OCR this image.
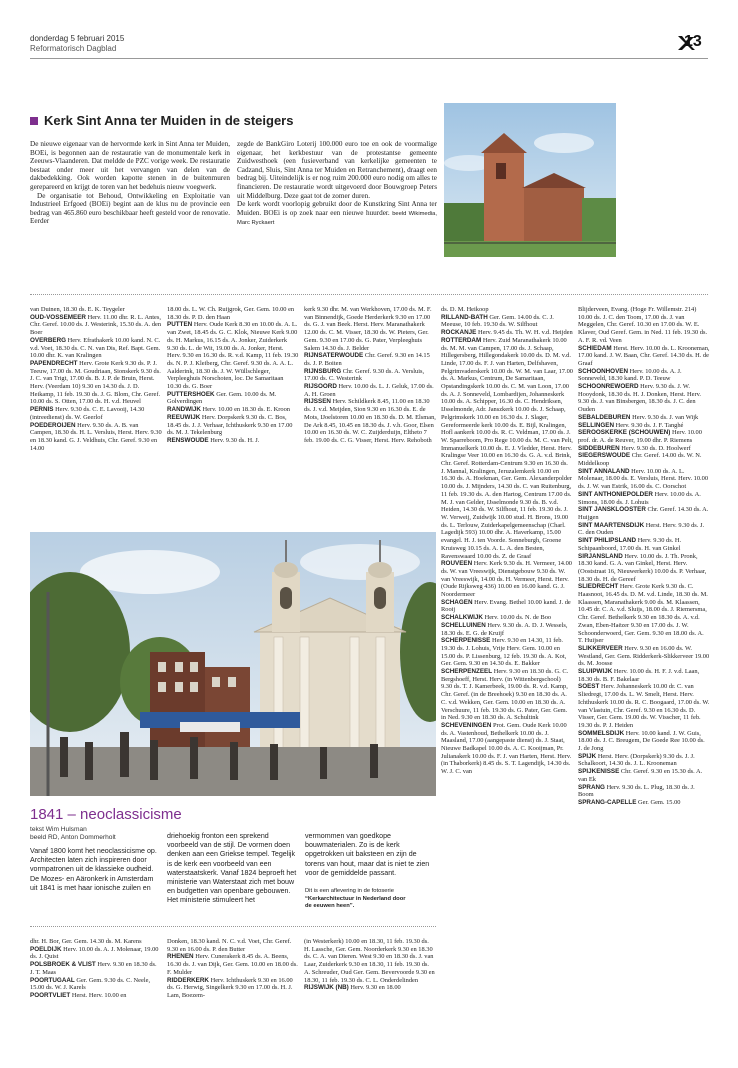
donderdag 5 februari 2015
Reformatorisch Dagblad	13
Kerk Sint Anna ter Muiden in de steigers

De nieuwe eigenaar van de hervormde kerk in Sint Anna ter Muiden, BOEi, is begonnen aan de restauratie van de monumentale kerk in Zeeuws-Vlaanderen. Dat meldde de PZC vorige week. De restauratie bestaat onder meer uit het vervangen van delen van de dakbedekking. Ook worden kapotte stenen in de buitenmuren gerepareerd en krijgt de toren van het bedehuis nieuw voegwerk.

De organisatie tot Behoud, Ontwikkeling en Exploitatie van Industrieel Erfgoed (BOEi) begint aan de klus nu de provincie een bedrag van 465.860 euro beschikbaar heeft gesteld voor de renovatie. Eerder

zegde de BankGiro Loterij 100.000 euro toe en ook de voormalige eigenaar, het kerkbestuur van de protestantse gemeente Zuidwesthoek (een fusieverband van kerkelijke gemeenten te Cadzand, Sluis, Sint Anna ter Muiden en Retranchement), draagt een bedrag bij. Uiteindelijk is er nog ruim 200.000 euro nodig om alles te financieren. De restauratie wordt uitgevoerd door Bouwgroep Peters uit Middelburg. Deze gaat tot de zomer duren.

De kerk wordt voorlopig gebruikt door de Kunstkring Sint Anna ter Muiden. BOEi is op zoek naar een nieuwe huurder. beeld Wikimedia, Marc Ryckaert

van Duinen, 18.30 ds. E. K. Teygeler

OUD-VOSSEMEER Herv. 11.00 dhr. R. L. Antes, Chr. Geref. 10.00 ds. J. Westerink, 15.30 ds. A. den Boer

OVERBERG Herv. Efrathakerk 10.00 kand. N. C. v.d. Voet, 18.30 ds. C. N. van Dis, Ref. Bapt. Gem. 10.00 dhr. K. van Kralingen

PAPENDRECHT Herv. Grote Kerk 9.30 ds. P. J. Teeuw, 17.00 ds. M. Goudriaan, Sionskerk 9.30 ds. J. C. van Trigt, 17.00 ds. B. J. P. de Bruin, Herst. Herv. (Veerdam 10) 9.30 en 14.30 ds. J. D. Heikamp, 11 feb. 19.30 ds. J. G. Blom, Chr. Geref. 10.00 ds. S. Otten, 17.00 ds. H. v.d. Heuvel

PERNIS Herv. 9.30 ds. C. E. Lavooij, 14.30 (intreedienst) ds. W. Geerlof

POEDEROIJEN Herv. 9.30 ds. A. B. van Campen, 18.30 ds. H. L. Versluis, Herst. Herv. 9.30 en 18.30 kand. G. J. Veldhuis, Chr. Geref. 9.30 en 14.00

18.00 ds. L. W. Ch. Ruijgrok, Ger. Gem. 10.00 en 18.30 ds. P. D. den Haan

PUTTEN Herv. Oude Kerk 8.30 en 10.00 ds. A. L. van Zwet, 18.45 ds. G. C. Klok, Nieuwe Kerk 9.00 ds. H. Markus, 16.15 ds. A. Jonker, Zuiderkerk 9.30 ds. L. de Wit, 19.00 ds. A. Jonker, Herst. Herv. 9.30 en 16.30 ds. R. v.d. Kamp, 11 feb. 19.30 ds. N. P. J. Kleiberg, Chr. Geref. 9.30 ds. A. A. L. Aalderink, 18.30 ds. J. W. Wüllschleger, Verpleeghuis Norschoten, loc. De Samaritaan 10.30 ds. G. Boer

PUTTERSHOEK Ger. Gem. 10.00 ds. M. Golverdingen

RANDWIJK Herv. 10.00 en 18.30 ds. E. Kroon

REEUWIJK Herv. Dorpskerk 9.30 ds. C. Bos, 18.45 ds. J. J. Verhaar, Ichthuskerk 9.30 en 17.00 ds. M. J. Tekelenburg

RENSWOUDE Herv. 9.30 ds. H. J.

kerk 9.30 dhr. M. van Werkhoven, 17.00 ds. M. F. van Binnendijk, Goede Herderkerk 9.30 en 17.00 ds. G. J. van Beek. Herst. Herv. Maranathakerk 12.00 ds. C. M. Visser, 18.30 ds. W. Pieters, Ger. Gem. 9.30 en 17.00 ds. G. Pater, Verpleeghuis Salem 14.30 ds. J. Belder

RIJNSATERWOUDE Chr. Geref. 9.30 en 14.15 ds. J. P. Boiten

RIJNSBURG Chr. Geref. 9.30 ds. A. Versluis, 17.00 ds. C. Westerink

RIJSOORD Herv. 10.00 ds. L. J. Geluk, 17.00 ds. A. H. Groen

RIJSSEN Herv. Schildkerk 8.45, 11.00 en 18.30 ds. J. v.d. Meijden, Sion 9.30 en 16.30 ds. E. de Mots, IJoelstoren 10.00 en 18.30 ds. D. M. Elsman, De Ark 8.45, 10.45 en 18.30 ds. J. v.h. Goor, Elsen 10.00 en 16.30 ds. W. C. Zuijderduijn, Eltheto 7 feb. 19.00 ds. C. G. Visser, Herst. Herv. Rehoboth

ds. D. M. Heikoop

RILLAND-BATH Ger. Gem. 14.00 ds. C. J. Meeuse, 10 feb. 19.30 ds. W. Silfhout

ROCKANJE Herv. 9.45 ds. Th. W. H. v.d. Heijden

ROTTERDAM Herv. Zuid Maranathakerk 10.00 ds. M. M. van Campen, 17.00 ds. J. Schaap, Hillegersberg, Hillegondakerk 10.00 ds. D. M. v.d. Linde, 17.00 ds. F. J. van Harten, Delfshaven, Pelgrimvaderskerk 10.00 ds. W. M. van Laar, 17.00 ds. A. Markus, Centrum, De Samaritaan, Opstandingskerk 10.00 ds. C. M. van Loon, 17.00 ds. A. J. Sonneveld, Lombardijen, Johanneskerk 10.00 ds. A. Schipper, 16.30 ds. C. Hendriksen, IJsselmonde, Adr. Janszkerk 10.00 ds. J. Schaap, Pelgrimskerk 10.00 en 16.30 ds. J. Slager, Gereformeerde kerk 10.00 ds. E. Bijl, Kralingen, Hofl aankerk 10.00 ds. R. C. Veldman, 17.00 ds. J. W. Sparreboom, Pro Rege 10.00 ds. M. C. van Pelt, Immanuelkerk 10.00 ds. E. J. Vledder, Herst. Herv. Kralingse Veer 10.00 en 16.30 ds. G. A. v.d. Brink, Chr. Geref. Rotterdam-Centrum 9.30 en 16.30 ds. J. Mannal, Kralingen, Jeruzalemkerk 10.00 en 16.30 ds. A. Hoekman, Ger. Gem. Alexanderpolder 10.00 ds. J. Mijnders, 14.30 ds. C. van Ruitenburg, 11 feb. 19.30 ds. A. den Hartog, Centrum 17.00 ds. M. J. van Gelder, IJsselmonde 9.30 ds. B. v.d. Heiden, 14.30 ds. W. Silfhout, 11 feb. 19.30 ds. J. W. Verweij, Zuidwijk 10.00 stud. H. Brons, 19.00 ds. L. Terlouw, Zuiderkapelgemeenschap (Charl. Lagedijk 593) 10.00 dhr. A. Haverkamp, 15.00 evangel. H. J. ten Voorde. Sonneburgh, Groene Kruisweg 10.15 ds. A. L. A. den Besten, Ravenswaard 10.00 ds. Z. de Graaf

ROUVEEN Herv. Kerk 9.30 ds. H. Vermeer, 14.00 ds. W. van Vreeswijk, Dienstgebouw 9.30 ds. W. van Vreeswijk, 14.00 ds. H. Vermeer, Herst. Herv. (Oude Rijksweg 436) 10.00 en 16.00 kand. G. J. Noordermeer

SCHAGEN Herv. Evang. Bethel 10.00 kand. J. de Rooij

SCHALKWIJK Herv. 10.00 ds. N. de Boo

SCHELLUINEN Herv. 9.30 ds. A. D. J. Wessels, 18.30 ds. E. G. de Kruijf

SCHERPENISSE Herv. 9.30 en 14.30, 11 feb. 19.30 ds. J. Lohuis, Vrije Herv. Gem. 10.00 en 15.00 ds. P. Lissenburg, 12 feb. 19.30 ds. A. Kot, Ger. Gem. 9.30 en 14.30 ds. E. Bakker

SCHERPENZEEL Herv. 9.30 en 18.30 ds. G. C. Bergshoeff, Herst. Herv. (in Wittenbergschool) 9.30 ds. T. J. Kamerbeek, 19.00 ds. R. v.d. Kamp, Chr. Geref. (in de Breehoek) 9.30 en 18.30 ds. A. C. v.d. Wekken, Ger. Gem. 10.00 en 18.30 ds. A. Verschuure, 11 feb. 19.30 ds. G. Pater, Ger. Gem. in Ned. 9.30 en 18.30 ds. A. Schultink

SCHEVENINGEN Prot. Gem. Oude Kerk 10.00 ds. A. Vastenhoud, Bethelkerk 10.00 ds. J. Maasland, 17.00 (aangepaste dienst) ds. J. Staat, Nieuwe Badkapel 10.00 ds. A. C. Kooijman, Pr. Julianakerk 10.00 ds. F. J. van Harten, Herst. Herv. (in Thaborkerk) 8.45 ds. S. T. Lagendijk, 14.30 ds. W. J. C. van

Blijderveen, Evang. (Hoge Fr. Willemstr. 214) 10.00 ds. J. C. den Toom, 17.00 ds. J. van Meggelen, Chr. Geref. 10.30 en 17.00 ds. W. E. Klaver, Oud Geref. Gem. in Ned. 11 feb. 19.30 ds. A. F. R. vd. Veen

SCHIEDAM Herst. Herv. 10.00 ds. L. Krooneman, 17.00 kand. J. W. Baan, Chr. Geref. 14.30 ds. H. de Graaf

SCHOONHOVEN Herv. 10.00 ds. A. J. Sonneveld, 18.30 kand. P. D. Teeuw

SCHOONREWOERD Herv. 9.30 ds. J. W. Hooydonk, 18.30 ds. H. J. Donken, Herst. Herv. 9.30 ds. J. van Binsbergen, 18.30 ds. J. C. den Ouden

SEBALDEBUREN Herv. 9.30 ds. J. van Wijk

SELLINGEN Herv. 9.30 ds. J. F. Tanghé

SEROOSKERKE (SCHOUWEN) Herv. 10.00 prof. dr. A. de Reuver, 19.00 dhr. P. Riemens

SIDDEBUREN Herv. 9.30 ds. D. Hoolwerf

SIEGERSWOUDE Chr. Geref. 14.00 ds. W. N. Middelkoop

SINT ANNALAND Herv. 10.00 ds. A. L. Molenaar, 18.00 ds. E. Versluis, Herst. Herv. 10.00 ds. J. W. van Estrik, 16.00 ds. C. Oorschot

SINT ANTHONIEPOLDER Herv. 10.00 ds. A. Simons, 18.00 ds. J. Lohuis

SINT JANSKLOOSTER Chr. Geref. 14.30 ds. A. Huijgen

SINT MAARTENSDIJK Herst. Herv. 9.30 ds. J. C. den Ouden

SINT PHILIPSLAND Herv. 9.30 ds. H. Schipaanboord, 17.00 ds. H. van Ginkel

SIRJANSLAND Herv. 10.00 ds. J. Th. Pronk, 18.30 kand. G. A. van Ginkel, Herst. Herv. (Ooststraat 16, Nieuwerkerk) 10.00 ds. P. Verhaar, 18.30 ds. H. de Gereef

SLIEDRECHT Herv. Grote Kerk 9.30 ds. C. Haasnoot, 16.45 ds. D. M. v.d. Linde, 18.30 ds. M. Klaassen, Maranathakerk 9.00 ds. M. Klaassen, 10.45 dr. C. A. v.d. Sluijs, 18.00 ds. J. Riemersma, Chr. Geref. Bethelkerk 9.30 en 18.30 ds. A. v.d. Zwan, Eben-Haëzer 9.30 en 17.00 ds. J. W. Schoonderwoerd, Ger. Gem. 9.30 en 18.00 ds. A. T. Huijser

SLIKKERVEER Herv. 9.30 en 16.00 ds. W. Westland, Ger. Gem. Ridderkerk-Slikkerveer 19.00 ds. M. Joosse

SLUIPWIJK Herv. 10.00 ds. H. F. J. v.d. Laan, 18.30 ds. B. F. Bakelaar

SOEST Herv. Johanneskerk 10.00 dr. C. van Sliedregt, 17.00 ds. L. W. Smelt, Herst. Herv. Ichthuskerk 10.00 ds. R. C. Boogaard, 17.00 ds. W. van Vlastuin, Chr. Geref. 9.30 en 16.30 ds. D. Visser, Ger. Gem. 19.00 ds. W. Visscher, 11 feb. 19.30 ds. P. J. Heiden

SOMMELSDIJK Herv. 10.00 kand. J. W. Guis, 18.00 ds. J. C. Breugem, De Goede Ree 10.00 ds. J. de Jong

SPIJK Herst. Herv. (Dorpskerk) 9.30 ds. J. J. Schalkoort, 14.30 ds. J. L. Krooneman

SPIJKENISSE Chr. Geref. 9.30 en 15.30 ds. A. van Ek

SPRANG Herv. 9.30 ds. L. Plug, 18.30 ds. J. Boom

SPRANG-CAPELLE Ger. Gem. 15.00

1841 – neoclassicisme
tekst Wim Hulsman
beeld RD, Anton Dommerholt
Vanaf 1800 komt het neoclassicisme op. Architecten laten zich inspireren door vormpatronen uit de klassieke oudheid. De Mozes- en Aäronkerk in Amsterdam uit 1841 is met haar ionische zuilen en
driehoekig fronton een sprekend voorbeeld van de stijl. De vormen doen denken aan een Griekse tempel. Tegelijk is de kerk een voorbeeld van een waterstaatskerk. Vanaf 1824 beproeft het ministerie van Waterstaat zich met bouw en budgetten van openbare gebouwen. Het ministerie stimuleert het
vermommen van goedkope bouwmaterialen. Zo is de kerk opgetrokken uit baksteen en zijn de torens van hout, maar dat is niet te zien voor de gemiddelde passant.
Dit is een aflevering in de fotoserie “Kerkarchitectuur in Nederland door de eeuwen heen”.

dhr. H. Bor, Ger. Gem. 14.30 ds. M. Karens

POELDIJK Herv. 10.00 ds. A. J. Molenaar, 19.00 ds. J. Quist

POLSBROEK & VLIST Herv. 9.30 en 18.30 ds. J. T. Maas

POORTUGAAL Ger. Gem. 9.30 ds. C. Neele, 15.00 ds. W. J. Karels

POORTVLIET Herst. Herv. 10.00 en

Donken, 18.30 kand. N. C. v.d. Voet, Chr. Geref. 9.30 en 16.00 ds. P. den Butter

RHENEN Herv. Cunerakerk 8.45 ds. A. Beens, 16.30 ds. J. van Dijk, Ger. Gem. 10.00 en 18.00 ds. F. Mulder

RIDDERKERK Herv. Ichthuskerk 9.30 en 16.00 ds. G. Herwig, Singelkerk 9.30 en 17.00 ds. H. J. Lam, Boezem-

(in Westerkerk) 10.00 en 18.30, 11 feb. 19.30 ds. H. Lassche, Ger. Gem. Noorderkerk 9.30 en 18.30 ds. C. A. van Dieren. West 9.30 en 18.30 ds. J. van Laar, Zuiderkerk 9.30 en 18.30, 11 feb. 19.30 ds. A. Schreuder, Oud Ger. Gem. Bevervoorde 9.30 en 18.30, 11 feb. 19.30 ds. C. L. Onderdelinden

RIJSWIJK (NB) Herv. 9.30 en 18.00
